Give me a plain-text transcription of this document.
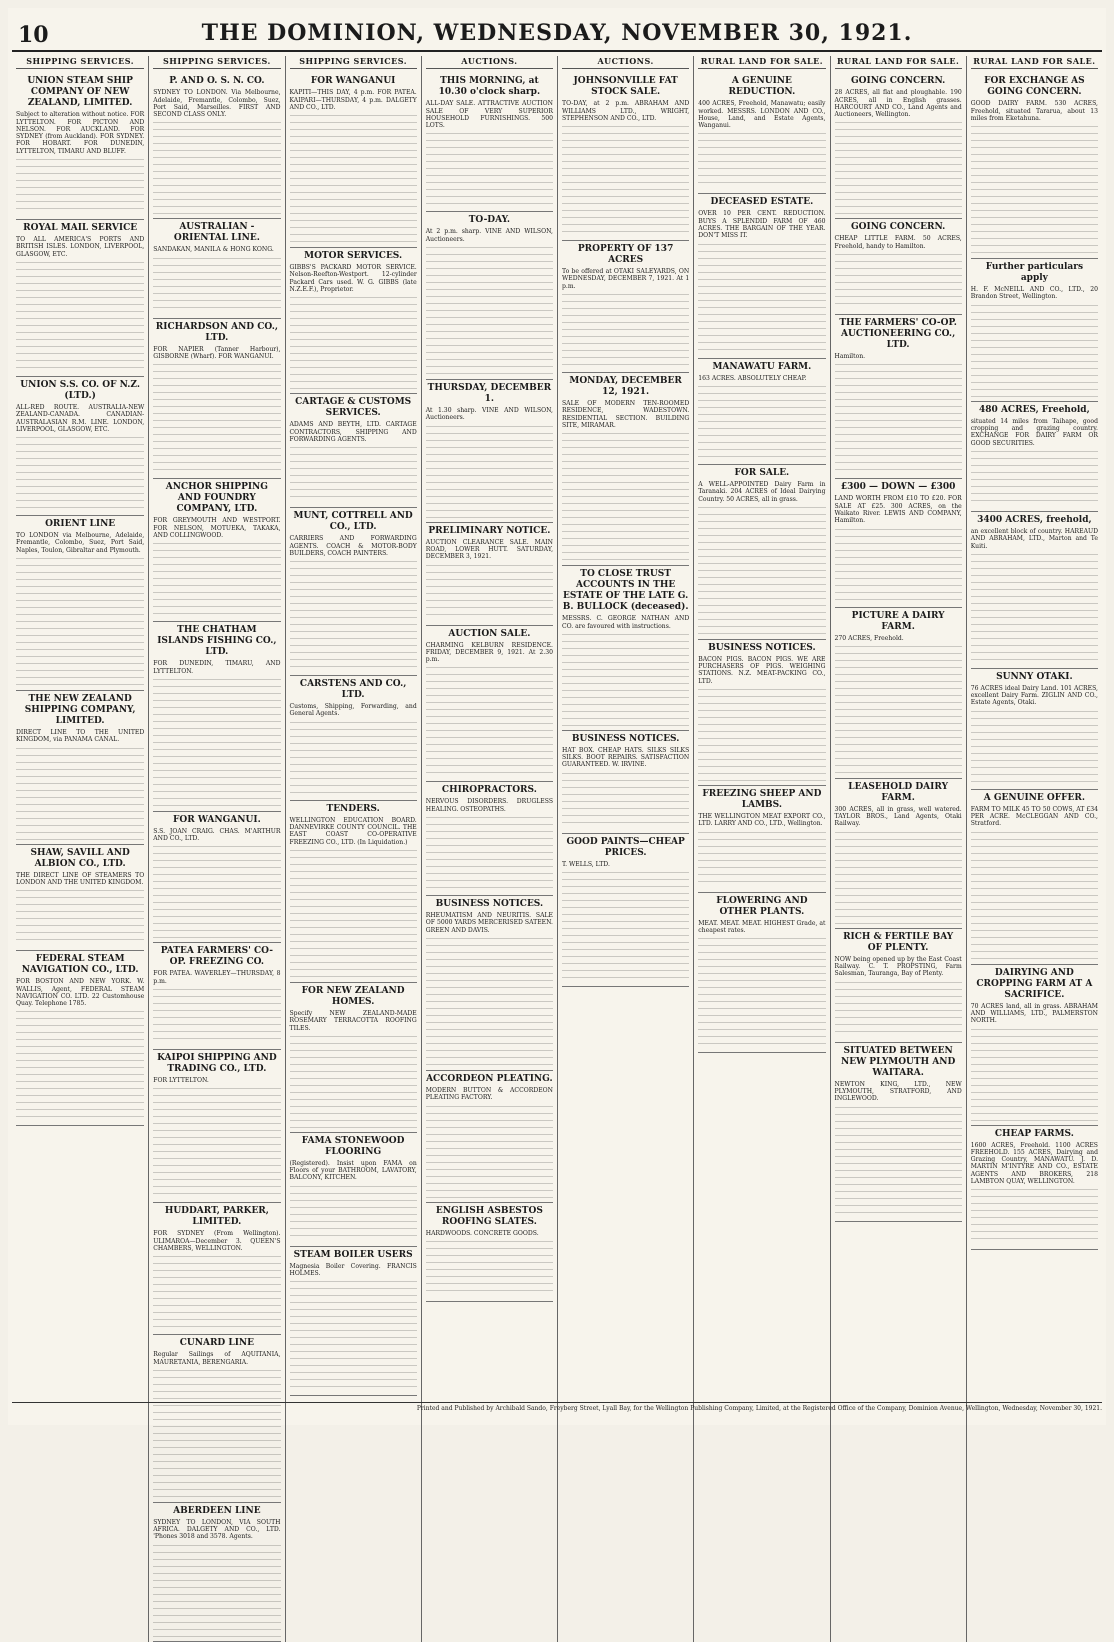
10	THE DOMINION, WEDNESDAY, NOVEMBER 30, 1921.
SHIPPING SERVICES.
UNION STEAM SHIP COMPANY OF NEW ZEALAND, LIMITED.
Subject to alteration without notice. FOR LYTTELTON. FOR PICTON AND NELSON. FOR AUCKLAND. FOR SYDNEY (from Auckland). FOR SYDNEY. FOR HOBART. FOR DUNEDIN, LYTTELTON, TIMARU AND BLUFF.
ROYAL MAIL SERVICE
TO ALL AMERICA'S PORTS AND BRITISH ISLES. LONDON, LIVERPOOL, GLASGOW, ETC.
UNION S.S. CO. OF N.Z. (LTD.)
ALL-RED ROUTE. AUSTRALIA-NEW ZEALAND-CANADA. CANADIAN-AUSTRALASIAN R.M. LINE. LONDON, LIVERPOOL, GLASGOW, ETC.
ORIENT LINE
TO LONDON via Melbourne, Adelaide, Fremantle, Colombo, Suez, Port Said, Naples, Toulon, Gibraltar and Plymouth.
THE NEW ZEALAND SHIPPING COMPANY, LIMITED.
DIRECT LINE TO THE UNITED KINGDOM, via PANAMA CANAL.
SHAW, SAVILL AND ALBION CO., LTD.
THE DIRECT LINE OF STEAMERS TO LONDON AND THE UNITED KINGDOM.
FEDERAL STEAM NAVIGATION CO., LTD.
FOR BOSTON AND NEW YORK. W. WALLIS, Agent, FEDERAL STEAM NAVIGATION CO. LTD. 22 Customhouse Quay. Telephone 1785.
SHIPPING SERVICES.
P. AND O. S. N. CO.
SYDNEY TO LONDON. Via Melbourne, Adelaide, Fremantle, Colombo, Suez, Port Said, Marseilles. FIRST AND SECOND CLASS ONLY.
AUSTRALIAN - ORIENTAL LINE.
SANDAKAN, MANILA & HONG KONG.
RICHARDSON AND CO., LTD.
FOR NAPIER (Tanner Harbour), GISBORNE (Wharf). FOR WANGANUI.
ANCHOR SHIPPING AND FOUNDRY COMPANY, LTD.
FOR GREYMOUTH AND WESTPORT. FOR NELSON, MOTUEKA, TAKAKA, AND COLLINGWOOD.
THE CHATHAM ISLANDS FISHING CO., LTD.
FOR DUNEDIN, TIMARU, AND LYTTELTON.
FOR WANGANUI.
S.S. JOAN CRAIG. CHAS. M'ARTHUR AND CO., LTD.
PATEA FARMERS' CO-OP. FREEZING CO.
FOR PATEA. WAVERLEY—THURSDAY, 8 p.m.
KAIPOI SHIPPING AND TRADING CO., LTD.
FOR LYTTELTON.
HUDDART, PARKER, LIMITED.
FOR SYDNEY (From Wellington). ULIMAROA—December 3. QUEEN'S CHAMBERS, WELLINGTON.
CUNARD LINE
Regular Sailings of AQUITANIA, MAURETANIA, BERENGARIA.
ABERDEEN LINE
SYDNEY TO LONDON, VIA SOUTH AFRICA. DALGETY AND CO., LTD. 'Phones 3018 and 3578. Agents.
SHIPPING SERVICES.
FOR WANGANUI
KAPITI—THIS DAY, 4 p.m. FOR PATEA. KAIPARI—THURSDAY, 4 p.m. DALGETY AND CO., LTD.
MOTOR SERVICES.
GIBBS'S PACKARD MOTOR SERVICE. Nelson-Reefton-Westport. 12-cylinder Packard Cars used. W. G. GIBBS (late N.Z.E.F.), Proprietor.
CARTAGE & CUSTOMS SERVICES.
ADAMS AND BEYTH, LTD. CARTAGE CONTRACTORS, SHIPPING AND FORWARDING AGENTS.
MUNT, COTTRELL AND CO., LTD.
CARRIERS AND FORWARDING AGENTS. COACH & MOTOR-BODY BUILDERS, COACH PAINTERS.
CARSTENS AND CO., LTD.
Customs, Shipping, Forwarding, and General Agents.
TENDERS.
WELLINGTON EDUCATION BOARD. DANNEVIRKE COUNTY COUNCIL. THE EAST COAST CO-OPERATIVE FREEZING CO., LTD. (In Liquidation.)
FOR NEW ZEALAND HOMES.
Specify NEW ZEALAND-MADE ROSEMARY TERRACOTTA ROOFING TILES.
FAMA STONEWOOD FLOORING
(Registered). Insist upon FAMA on Floors of your BATHROOM, LAVATORY, BALCONY, KITCHEN.
STEAM BOILER USERS
Magnesia Boiler Covering. FRANCIS HOLMES.
AUCTIONS.
THIS MORNING, at 10.30 o'clock sharp.
ALL-DAY SALE. ATTRACTIVE AUCTION SALE OF VERY SUPERIOR HOUSEHOLD FURNISHINGS. 500 LOTS.
TO-DAY.
At 2 p.m. sharp. VINE AND WILSON, Auctioneers.
THURSDAY, DECEMBER 1.
At 1.30 sharp. VINE AND WILSON, Auctioneers.
PRELIMINARY NOTICE.
AUCTION CLEARANCE SALE. MAIN ROAD, LOWER HUTT. SATURDAY, DECEMBER 3, 1921.
AUCTION SALE.
CHARMING KELBURN RESIDENCE. FRIDAY, DECEMBER 9, 1921. At 2.30 p.m.
CHIROPRACTORS.
NERVOUS DISORDERS. DRUGLESS HEALING. OSTEOPATHS.
BUSINESS NOTICES.
RHEUMATISM AND NEURITIS. SALE OF 5000 YARDS MERCERISED SATEEN. GREEN AND DAVIS.
ACCORDEON PLEATING.
MODERN BUTTON & ACCORDEON PLEATING FACTORY.
ENGLISH ASBESTOS ROOFING SLATES.
HARDWOODS. CONCRETE GOODS.
AUCTIONS.
JOHNSONVILLE FAT STOCK SALE.
TO-DAY, at 2 p.m. ABRAHAM AND WILLIAMS LTD., WRIGHT, STEPHENSON AND CO., LTD.
PROPERTY OF 137 ACRES
To be offered at OTAKI SALEYARDS, ON WEDNESDAY, DECEMBER 7, 1921. At 1 p.m.
MONDAY, DECEMBER 12, 1921.
SALE OF MODERN TEN-ROOMED RESIDENCE, WADESTOWN. RESIDENTIAL SECTION. BUILDING SITE, MIRAMAR.
TO CLOSE TRUST ACCOUNTS IN THE ESTATE OF THE LATE G. B. BULLOCK (deceased).
MESSRS. C. GEORGE NATHAN AND CO. are favoured with instructions.
BUSINESS NOTICES.
HAT BOX. CHEAP HATS. SILKS SILKS SILKS. BOOT REPAIRS. SATISFACTION GUARANTEED. W. IRVINE.
GOOD PAINTS—CHEAP PRICES.
T. WELLS, LTD.
RURAL LAND FOR SALE.
A GENUINE REDUCTION.
400 ACRES, Freehold, Manawatu; easily worked. MESSRS. LONDON AND CO., House, Land, and Estate Agents, Wanganui.
DECEASED ESTATE.
OVER 10 PER CENT. REDUCTION. BUYS A SPLENDID FARM OF 460 ACRES. THE BARGAIN OF THE YEAR. DON'T MISS IT.
MANAWATU FARM.
163 ACRES. ABSOLUTELY CHEAP.
FOR SALE.
A WELL-APPOINTED Dairy Farm in Taranaki. 204 ACRES of Ideal Dairying Country. 50 ACRES, all in grass.
BUSINESS NOTICES.
BACON PIGS. BACON PIGS. WE ARE PURCHASERS OF PIGS. WEIGHING STATIONS. N.Z. MEAT-PACKING CO., LTD.
FREEZING SHEEP AND LAMBS.
THE WELLINGTON MEAT EXPORT CO., LTD. LARRY AND CO., LTD., Wellington.
FLOWERING AND OTHER PLANTS.
MEAT. MEAT. MEAT. HIGHEST Grade, at cheapest rates.
RURAL LAND FOR SALE.
GOING CONCERN.
28 ACRES, all flat and ploughable. 190 ACRES, all in English grasses. HARCOURT AND CO., Land Agents and Auctioneers, Wellington.
GOING CONCERN.
CHEAP LITTLE FARM. 50 ACRES, Freehold, handy to Hamilton.
THE FARMERS' CO-OP. AUCTIONEERING CO., LTD.
Hamilton.
£300 — DOWN — £300
LAND WORTH FROM £10 TO £20. FOR SALE AT £25. 300 ACRES, on the Waikato River. LEWIS AND COMPANY, Hamilton.
PICTURE A DAIRY FARM.
270 ACRES, Freehold.
LEASEHOLD DAIRY FARM.
300 ACRES, all in grass, well watered. TAYLOR BROS., Land Agents, Otaki Railway.
RICH & FERTILE BAY OF PLENTY.
NOW being opened up by the East Coast Railway. C. T. PROPSTING, Farm Salesman, Tauranga, Bay of Plenty.
SITUATED BETWEEN NEW PLYMOUTH AND WAITARA.
NEWTON KING, LTD., NEW PLYMOUTH, STRATFORD, AND INGLEWOOD.
RURAL LAND FOR SALE.
FOR EXCHANGE AS GOING CONCERN.
GOOD DAIRY FARM. 530 ACRES, Freehold, situated Tararua, about 13 miles from Eketahuna.
Further particulars apply
H. F. McNEILL AND CO., LTD., 20 Brandon Street, Wellington.
480 ACRES, Freehold,
situated 14 miles from Taihape, good cropping and grazing country. EXCHANGE FOR DAIRY FARM OR GOOD SECURITIES.
3400 ACRES, freehold,
an excellent block of country. HAREAUD AND ABRAHAM, LTD., Marton and Te Kuiti.
SUNNY OTAKI.
76 ACRES ideal Dairy Land. 101 ACRES, excellent Dairy Farm. ZIGLIN AND CO., Estate Agents, Otaki.
A GENUINE OFFER.
FARM TO MILK 45 TO 50 COWS, AT £34 PER ACRE. McCLEGGAN AND CO., Stratford.
DAIRYING AND CROPPING FARM AT A SACRIFICE.
70 ACRES land, all in grass. ABRAHAM AND WILLIAMS, LTD., PALMERSTON NORTH.
CHEAP FARMS.
1600 ACRES, Freehold. 1100 ACRES FREEHOLD. 155 ACRES, Dairying and Grazing Country, MANAWATU. J. D. MARTIN M'INTYRE AND CO., ESTATE AGENTS AND BROKERS, 218 LAMBTON QUAY, WELLINGTON.
Printed and Published by Archibald Sando, Freyberg Street, Lyall Bay, for the Wellington Publishing Company, Limited, at the Registered Office of the Company, Dominion Avenue, Wellington, Wednesday, November 30, 1921.
